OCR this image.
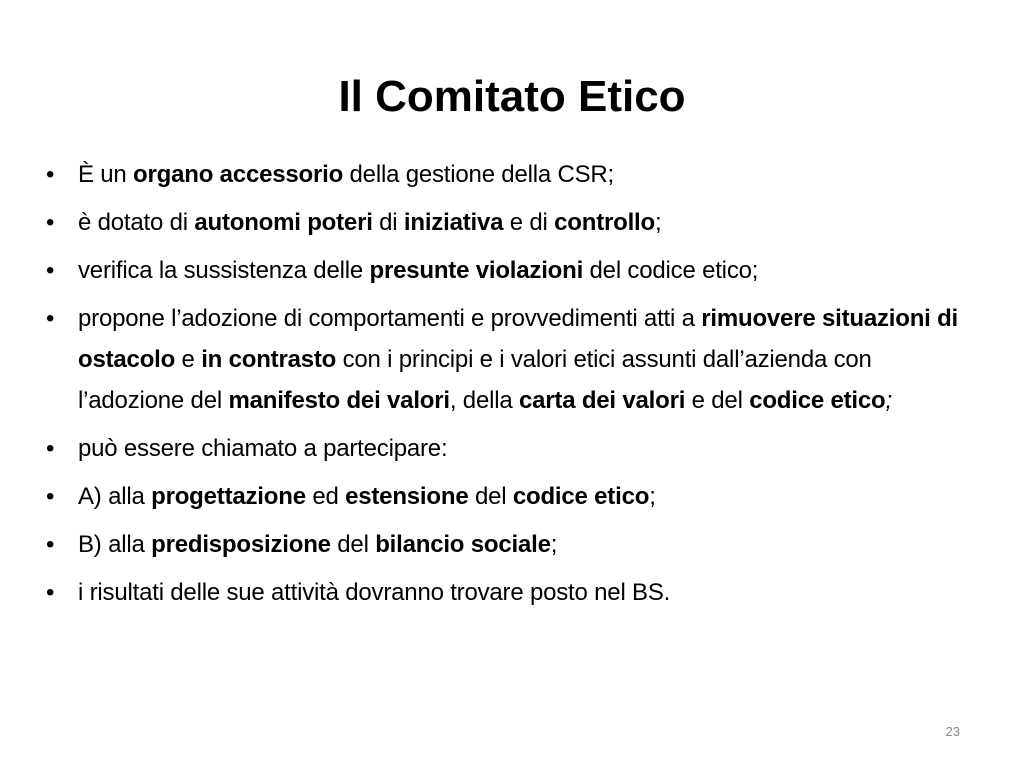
Il Comitato Etico
• È un organo accessorio della gestione della CSR;
• è dotato di autonomi poteri di iniziativa e di controllo;
• verifica la sussistenza delle presunte violazioni del codice etico;
• propone l’adozione di comportamenti e provvedimenti atti a rimuovere situazioni di ostacolo e in contrasto con i principi e i valori etici assunti dall’azienda con l’adozione del manifesto dei valori, della carta dei valori e del codice etico;
• può essere chiamato a partecipare:
• A) alla progettazione ed estensione del codice etico;
• B) alla predisposizione del bilancio sociale;
• i risultati delle sue attività dovranno trovare posto nel BS.
23
